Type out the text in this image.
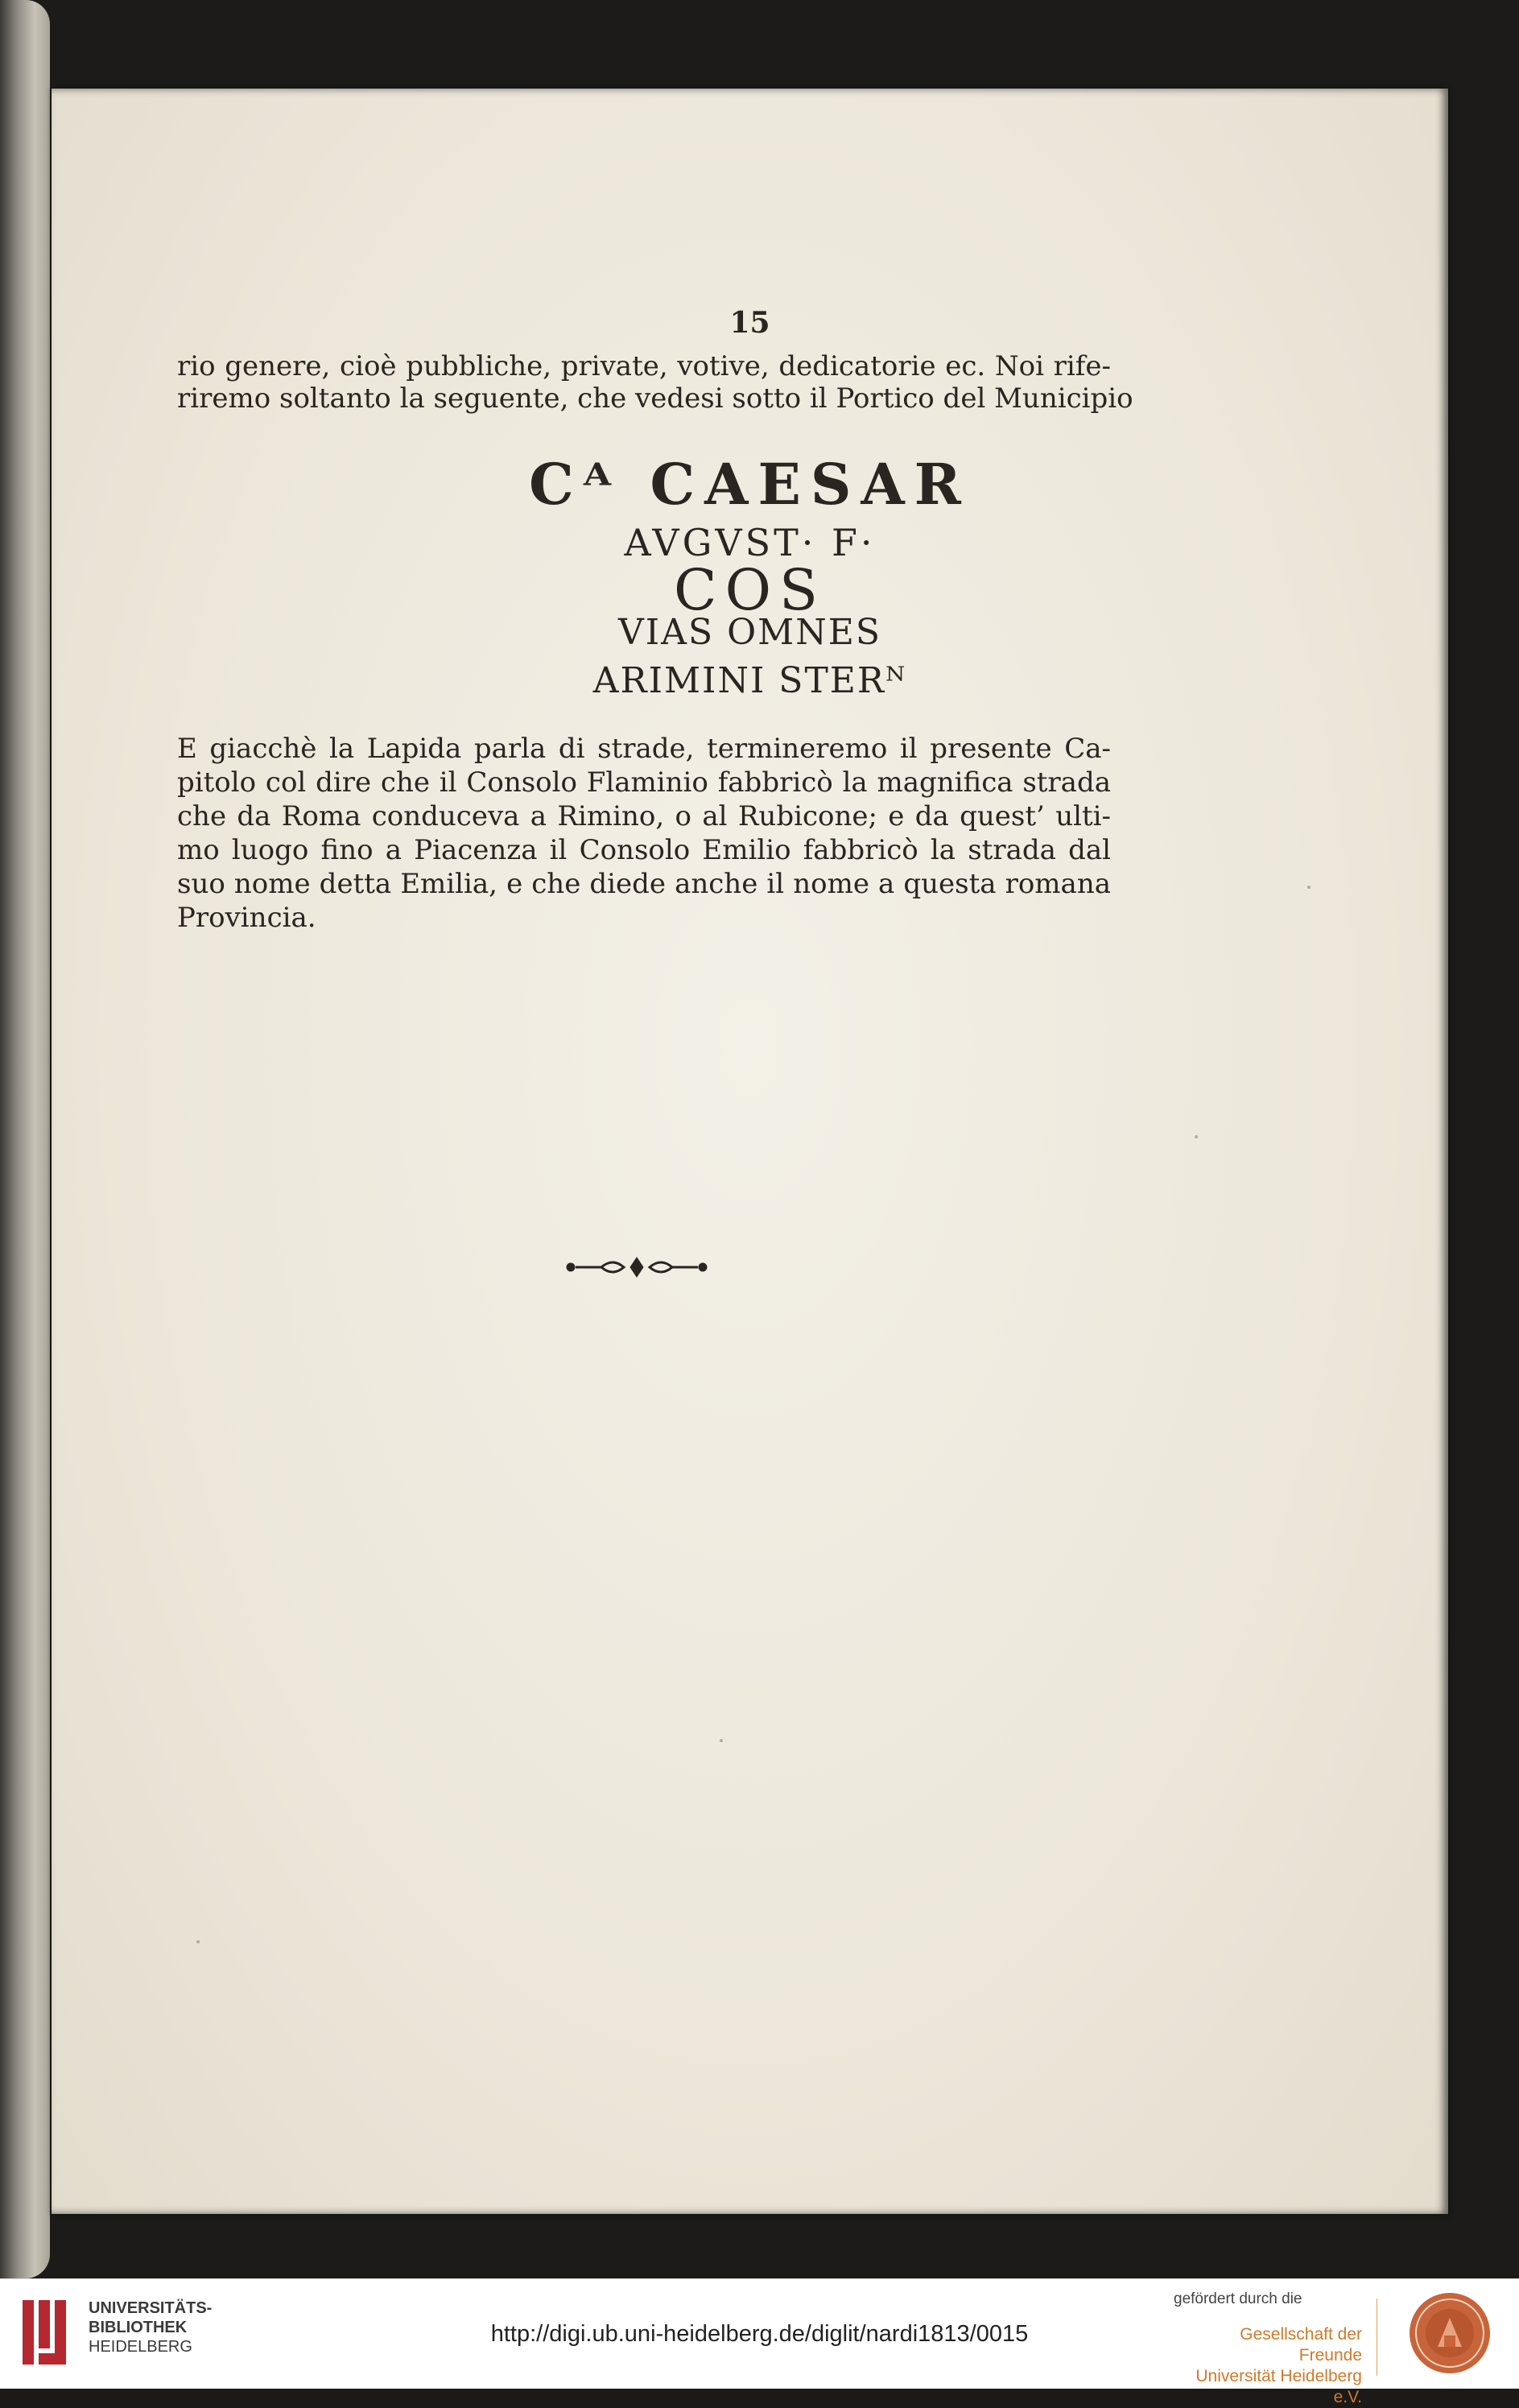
15
rio genere, cioè pubbliche, private, votive, dedicatorie ec. Noi rife-
riremo soltanto la seguente, che vedesi sotto il Portico del Municipio
Cᴬ CAESAR
AVGVST· F·
COS
VIAS OMNES
ARIMINI STERᴺ
E giacchè la Lapida parla di strade, termineremo il presente Ca-
pitolo col dire che il Consolo Flaminio fabbricò la magnifica strada
che da Roma conduceva a Rimino, o al Rubicone; e da quest’ ulti-
mo luogo fino a Piacenza il Consolo Emilio fabbricò la strada dal
suo nome detta Emilia, e che diede anche il nome a questa romana
Provincia.
UNIVERSITÄTS-
BIBLIOTHEK
HEIDELBERG	http://digi.ub.uni-heidelberg.de/diglit/nardi1813/0015
gefördert durch die
Gesellschaft der Freunde
Universität Heidelberg e.V.
